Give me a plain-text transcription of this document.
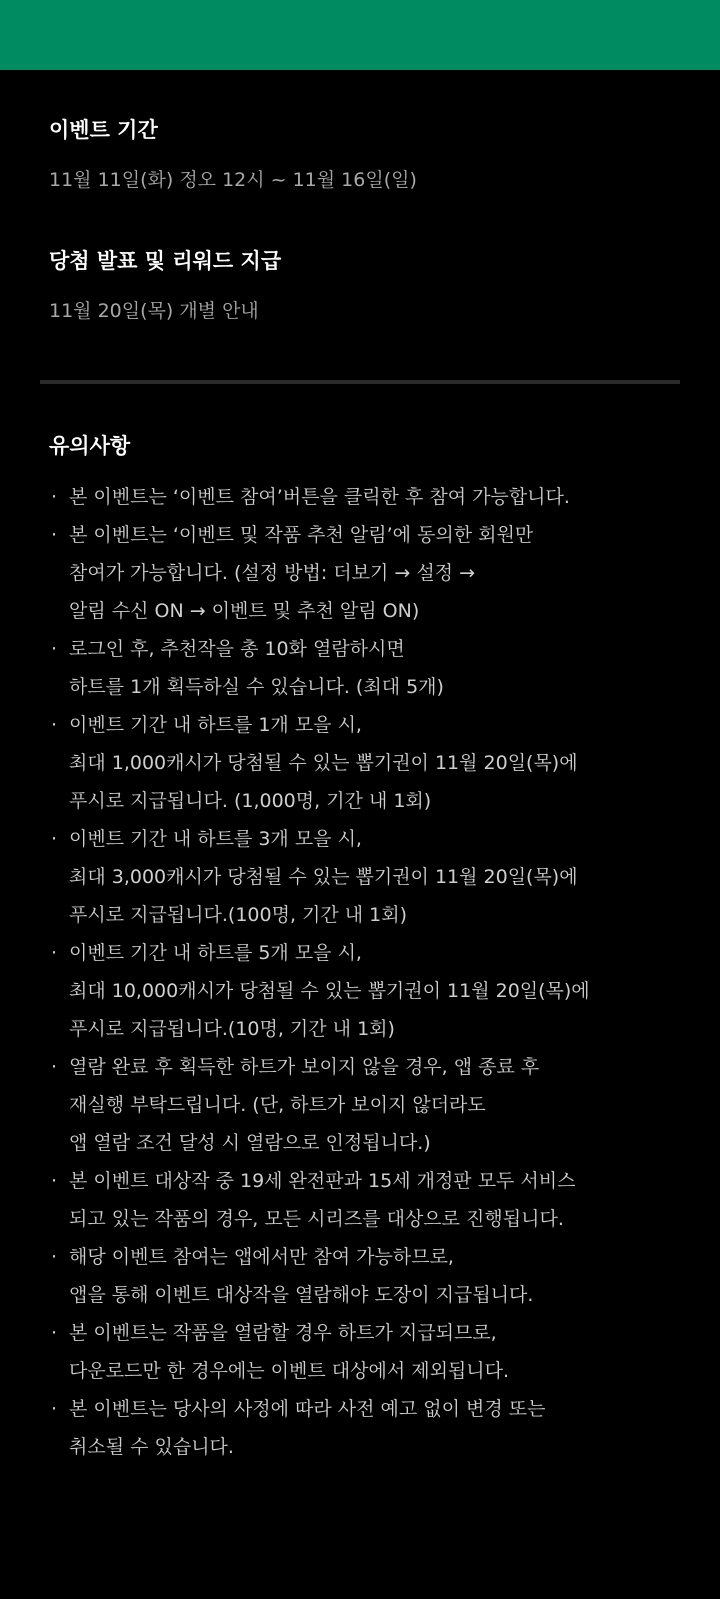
이벤트 기간

11월 11일(화) 정오 12시 ~ 11월 16일(일)

당첨 발표 및 리워드 지급

11월 20일(목) 개별 안내

유의사항
· 본 이벤트는 ‘이벤트 참여’버튼을 클릭한 후 참여 가능합니다.
· 본 이벤트는 ‘이벤트 및 작품 추천 알림’에 동의한 회원만
참여가 가능합니다. (설정 방법: 더보기 → 설정 →
알림 수신 ON → 이벤트 및 추천 알림 ON)
· 로그인 후, 추천작을 총 10화 열람하시면
하트를 1개 획득하실 수 있습니다. (최대 5개)
· 이벤트 기간 내 하트를 1개 모을 시,
최대 1,000캐시가 당첨될 수 있는 뽑기권이 11월 20일(목)에
푸시로 지급됩니다. (1,000명, 기간 내 1회)
· 이벤트 기간 내 하트를 3개 모을 시,
최대 3,000캐시가 당첨될 수 있는 뽑기권이 11월 20일(목)에
푸시로 지급됩니다.(100명, 기간 내 1회)
· 이벤트 기간 내 하트를 5개 모을 시,
최대 10,000캐시가 당첨될 수 있는 뽑기권이 11월 20일(목)에
푸시로 지급됩니다.(10명, 기간 내 1회)
· 열람 완료 후 획득한 하트가 보이지 않을 경우, 앱 종료 후
재실행 부탁드립니다. (단, 하트가 보이지 않더라도
앱 열람 조건 달성 시 열람으로 인정됩니다.)
· 본 이벤트 대상작 중 19세 완전판과 15세 개정판 모두 서비스
되고 있는 작품의 경우, 모든 시리즈를 대상으로 진행됩니다.
· 해당 이벤트 참여는 앱에서만 참여 가능하므로,
앱을 통해 이벤트 대상작을 열람해야 도장이 지급됩니다.
· 본 이벤트는 작품을 열람할 경우 하트가 지급되므로,
다운로드만 한 경우에는 이벤트 대상에서 제외됩니다.
· 본 이벤트는 당사의 사정에 따라 사전 예고 없이 변경 또는
취소될 수 있습니다.
